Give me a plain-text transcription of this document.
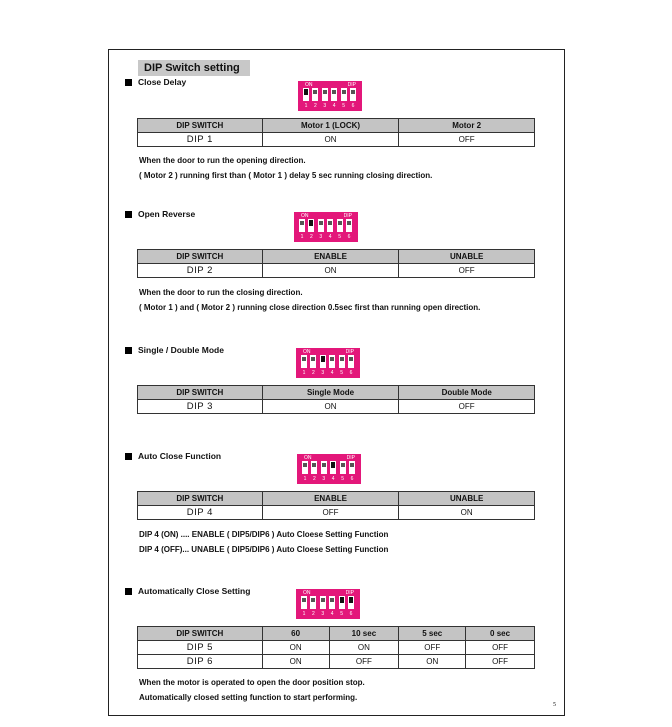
DIP Switch setting
Close Delay	ON	DIP
1	2	3	4	5	6
DIP SWITCH	Motor 1 (LOCK)	Motor 2
DIP 1	ON	OFF
When the door to run the opening direction.
( Motor 2 ) running first than ( Motor 1 ) delay 5 sec running closing direction.
Open Reverse	ON	DIP
1	2	3	4	5	6
DIP SWITCH	ENABLE	UNABLE
DIP 2	ON	OFF
When the door to run the closing direction.
( Motor 1 ) and ( Motor 2 ) running close direction 0.5sec first than running open direction.
Single / Double Mode	ON	DIP
1	2	3	4	5	6
DIP SWITCH	Single Mode	Double Mode
DIP 3	ON	OFF
Auto Close Function	ON	DIP
1	2	3	4	5	6
DIP SWITCH	ENABLE	UNABLE
DIP 4	OFF	ON
DIP 4 (ON) .... ENABLE ( DIP5/DIP6 ) Auto Cloese Setting Function
DIP 4 (OFF)... UNABLE ( DIP5/DIP6 ) Auto Cloese Setting Function
Automatically Close Setting	ON	DIP
1	2	3	4	5	6
DIP SWITCH	60	10 sec	5 sec	0 sec
DIP 5	ON	ON	OFF	OFF
DIP 6	ON	OFF	ON	OFF
When the motor is operated to open the door position stop.
Automatically closed setting function to start performing.
5
